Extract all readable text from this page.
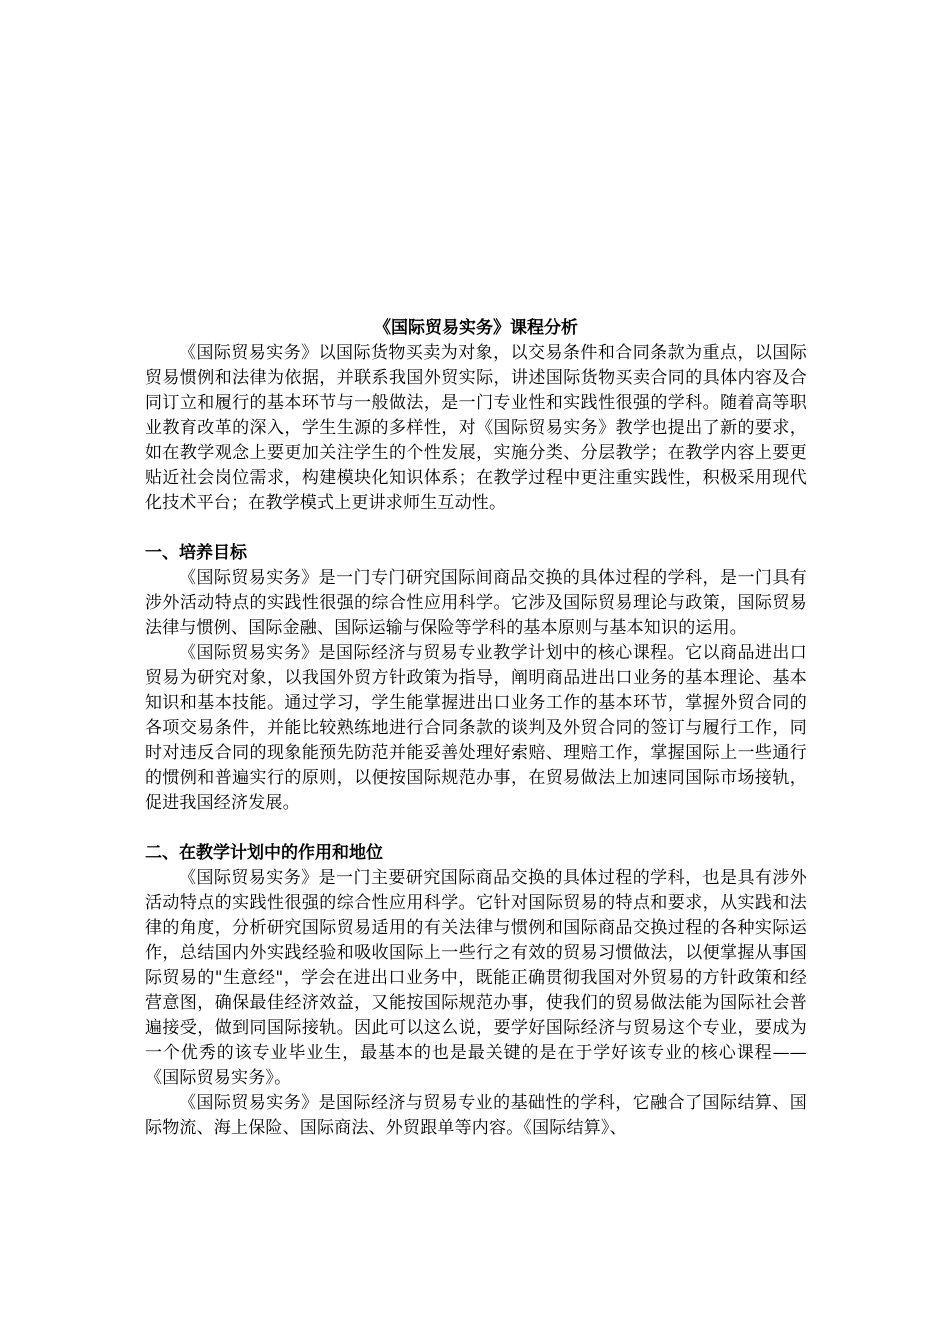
《国际贸易实务》课程分析

《国际贸易实务》以国际货物买卖为对象，以交易条件和合同条款为重点，以国际贸易惯例和法律为依据，并联系我国外贸实际，讲述国际货物买卖合同的具体内容及合同订立和履行的基本环节与一般做法，是一门专业性和实践性很强的学科。随着高等职业教育改革的深入，学生生源的多样性，对《国际贸易实务》教学也提出了新的要求，如在教学观念上要更加关注学生的个性发展，实施分类、分层教学；在教学内容上要更贴近社会岗位需求，构建模块化知识体系；在教学过程中更注重实践性，积极采用现代化技术平台；在教学模式上更讲求师生互动性。

一、培养目标

《国际贸易实务》是一门专门研究国际间商品交换的具体过程的学科，是一门具有涉外活动特点的实践性很强的综合性应用科学。它涉及国际贸易理论与政策，国际贸易法律与惯例、国际金融、国际运输与保险等学科的基本原则与基本知识的运用。

《国际贸易实务》是国际经济与贸易专业教学计划中的核心课程。它以商品进出口贸易为研究对象，以我国外贸方针政策为指导，阐明商品进出口业务的基本理论、基本知识和基本技能。通过学习，学生能掌握进出口业务工作的基本环节，掌握外贸合同的各项交易条件，并能比较熟练地进行合同条款的谈判及外贸合同的签订与履行工作，同时对违反合同的现象能预先防范并能妥善处理好索赔、理赔工作，掌握国际上一些通行的惯例和普遍实行的原则，以便按国际规范办事，在贸易做法上加速同国际市场接轨，促进我国经济发展。

二、在教学计划中的作用和地位

《国际贸易实务》是一门主要研究国际商品交换的具体过程的学科，也是具有涉外活动特点的实践性很强的综合性应用科学。它针对国际贸易的特点和要求，从实践和法律的角度，分析研究国际贸易适用的有关法律与惯例和国际商品交换过程的各种实际运作，总结国内外实践经验和吸收国际上一些行之有效的贸易习惯做法，以便掌握从事国际贸易的"生意经"，学会在进出口业务中，既能正确贯彻我国对外贸易的方针政策和经营意图，确保最佳经济效益，又能按国际规范办事，使我们的贸易做法能为国际社会普遍接受，做到同国际接轨。因此可以这么说，要学好国际经济与贸易这个专业，要成为一个优秀的该专业毕业生，最基本的也是最关键的是在于学好该专业的核心课程——《国际贸易实务》。

《国际贸易实务》是国际经济与贸易专业的基础性的学科，它融合了国际结算、国际物流、海上保险、国际商法、外贸跟单等内容。《国际结算》、
